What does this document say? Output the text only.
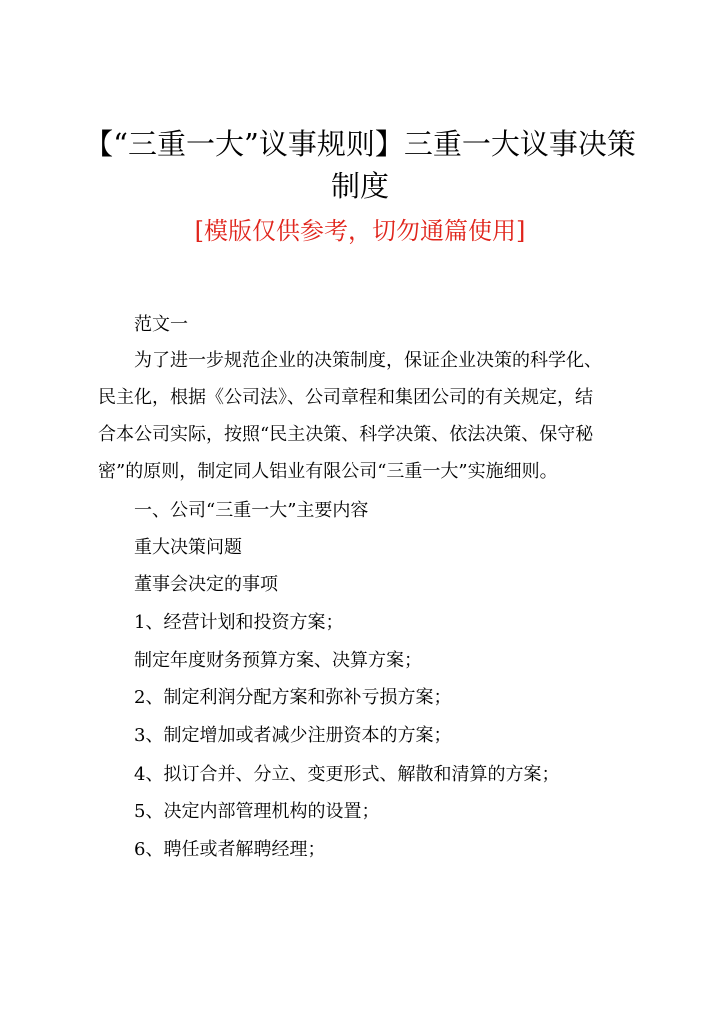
【“三重一大”议事规则】三重一大议事决策
制度

[模版仅供参考，切勿通篇使用]

范文一

为了进一步规范企业的决策制度，保证企业决策的科学化、

民主化，根据《公司法》、公司章程和集团公司的有关规定，结

合本公司实际，按照“民主决策、科学决策、依法决策、保守秘

密”的原则，制定同人铝业有限公司“三重一大”实施细则。

一、公司“三重一大”主要内容

重大决策问题

董事会决定的事项

1、经营计划和投资方案；

制定年度财务预算方案、决算方案；

2、制定利润分配方案和弥补亏损方案；

3、制定增加或者减少注册资本的方案；

4、拟订合并、分立、变更形式、解散和清算的方案；

5、决定内部管理机构的设置；

6、聘任或者解聘经理；
